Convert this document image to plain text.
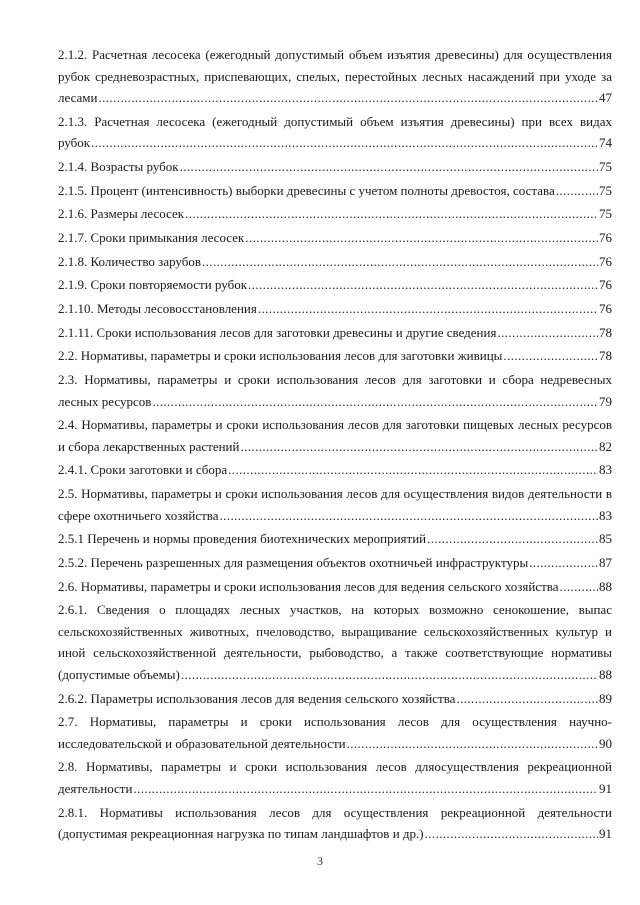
2.1.2. Расчетная лесосека (ежегодный допустимый объем изъятия древесины) для осуществления
рубок средневозрастных, приспевающих, спелых, перестойных лесных насаждений при уходе за
лесами .....	47
2.1.3. Расчетная лесосека (ежегодный допустимый объем изъятия древесины) при всех видах
рубок .....	74
2.1.4. Возрасты рубок .....	75
2.1.5. Процент (интенсивность) выборки древесины с учетом полноты древостоя, состава .....	75
2.1.6. Размеры лесосек .....	75
2.1.7. Сроки примыкания лесосек .....	76
2.1.8. Количество зарубов .....	76
2.1.9. Сроки повторяемости рубок .....	76
2.1.10. Методы лесовосстановления .....	76
2.1.11. Сроки использования лесов для заготовки древесины и другие сведения .....	78
2.2. Нормативы, параметры и сроки использования лесов для заготовки живицы .....	78
2.3. Нормативы, параметры и сроки использования лесов для заготовки и сбора недревесных
лесных ресурсов .....	79
2.4. Нормативы, параметры и сроки использования лесов для заготовки пищевых лесных ресурсов
и сбора лекарственных растений .....	82
2.4.1. Сроки заготовки и сбора .....	83
2.5. Нормативы, параметры и сроки использования лесов для осуществления видов деятельности в
сфере охотничьего хозяйства .....	83
2.5.1 Перечень и нормы проведения биотехнических мероприятий .....	85
2.5.2. Перечень разрешенных для размещения объектов охотничьей инфраструктуры .....	87
2.6. Нормативы, параметры и сроки использования лесов для ведения сельского хозяйства .....	88
2.6.1. Сведения о площадях лесных участков, на которых возможно сенокошение, выпас
сельскохозяйственных животных, пчеловодство, выращивание сельскохозяйственных культур и
иной сельскохозяйственной деятельности, рыбоводство, а также соответствующие нормативы
(допустимые объемы) .....	88
2.6.2. Параметры использования лесов для ведения сельского хозяйства .....	89
2.7. Нормативы, параметры и сроки использования лесов для осуществления научно-
исследовательской и образовательной деятельности .....	90
2.8. Нормативы, параметры и сроки использования лесов дляосуществления рекреационной
деятельности .....	91
2.8.1. Нормативы использования лесов для осуществления рекреационной деятельности
(допустимая рекреационная нагрузка по типам ландшафтов и др.) .....	91
3
